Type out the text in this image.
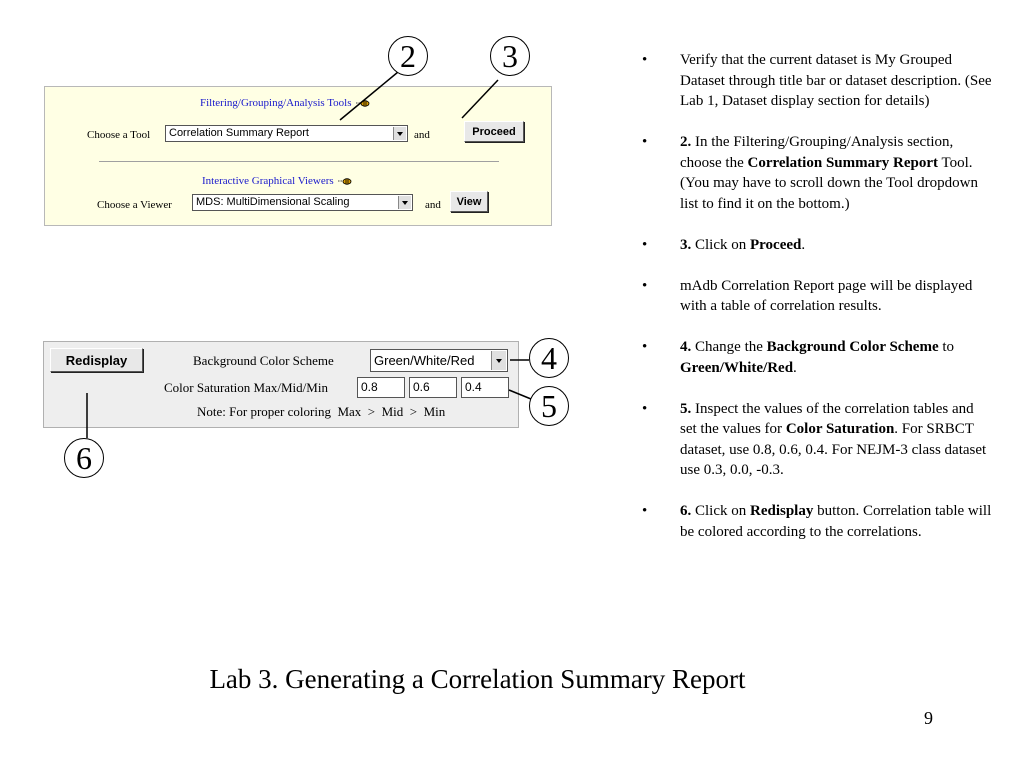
Filtering/Grouping/Analysis Tools
Choose a Tool	Correlation Summary Report	and	Proceed
Interactive Graphical Viewers
Choose a Viewer	MDS: MultiDimensional Scaling	and	View
Redisplay	Background Color Scheme	Green/White/Red
Color Saturation Max/Mid/Min	0.8	0.6	0.4
Note: For proper coloring  Max  >  Mid  >  Min
2	3
4
5
6
• Verify that the current dataset is My Grouped Dataset through title bar or dataset description. (See Lab 1, Dataset display section for details)
• 2. In the Filtering/Grouping/Analysis section, choose the Correlation Summary Report Tool. (You may have to scroll down the Tool dropdown list to find it on the bottom.)
• 3. Click on Proceed.
• mAdb Correlation Report page will be displayed with a table of correlation results.
• 4. Change the Background Color Scheme to Green/White/Red.
• 5. Inspect the values of the correlation tables and set the values for Color Saturation. For SRBCT dataset, use 0.8, 0.6, 0.4. For NEJM-3 class dataset use 0.3, 0.0, -0.3.
• 6. Click on Redisplay button. Correlation table will be colored according to the correlations.
Lab 3. Generating a Correlation Summary Report
9
